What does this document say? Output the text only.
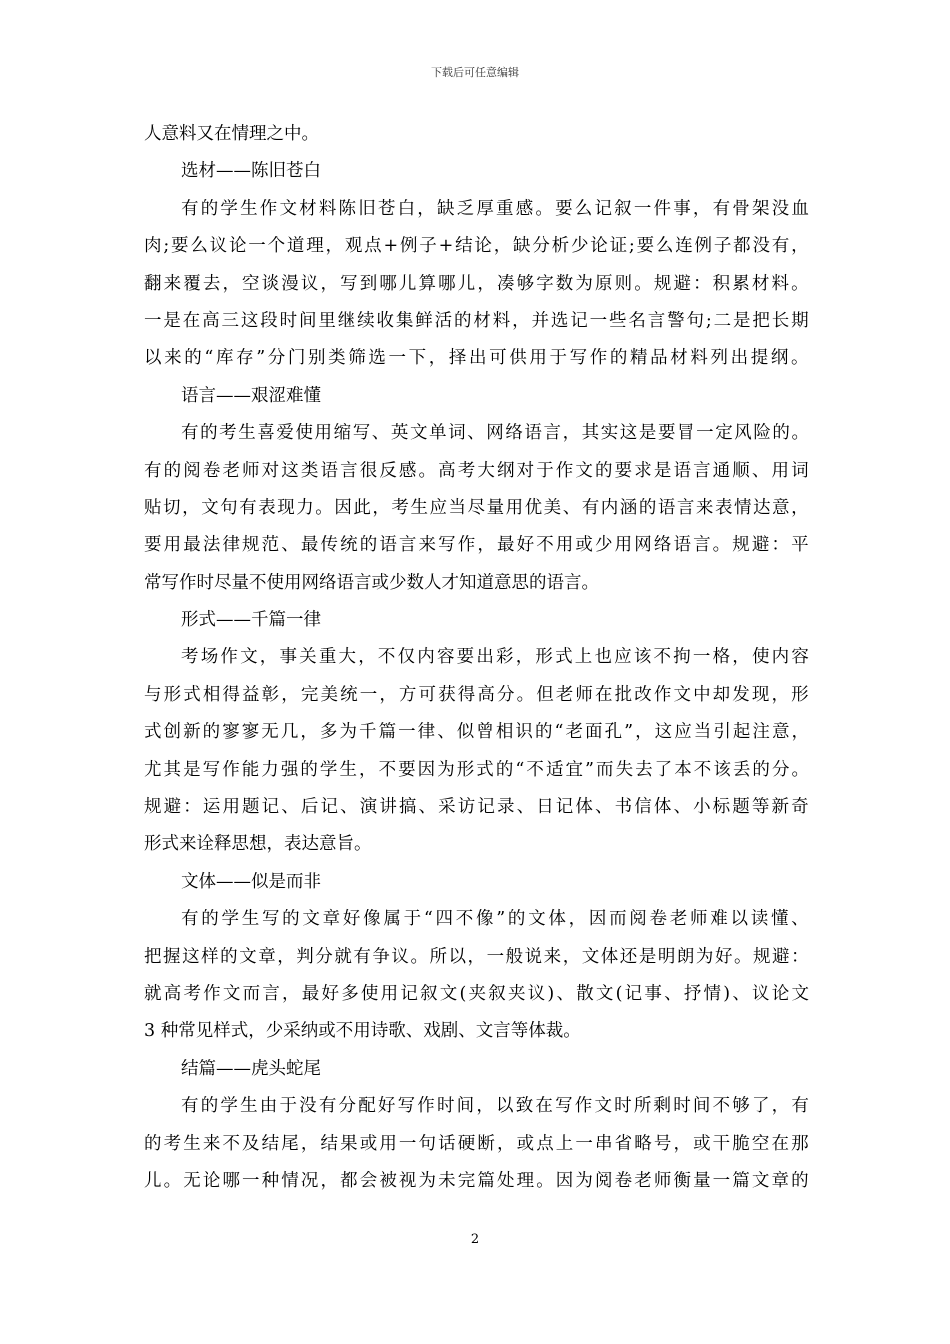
下载后可任意编辑
人意料又在情理之中。
选材——陈旧苍白
有 的 学 生 作 文 材 料 陈 旧 苍 白 ， 缺 乏 厚 重 感 。 要 么 记 叙 一 件 事 ， 有 骨 架 没 血
肉 ; 要 么 议 论 一 个 道 理 ， 观 点 + 例 子 + 结 论 ， 缺 分 析 少 论 证 ; 要 么 连 例 子 都 没 有 ，
翻 来 覆 去 ， 空 谈 漫 议 ， 写 到 哪 儿 算 哪 儿 ， 凑 够 字 数 为 原 则 。 规 避 ： 积 累 材 料 。
一 是 在 高 三 这 段 时 间 里 继 续 收 集 鲜 活 的 材 料 ， 并 选 记 一 些 名 言 警 句 ; 二 是 把 长 期
以 来 的 “ 库 存 ” 分 门 别 类 筛 选 一 下 ， 择 出 可 供 用 于 写 作 的 精 品 材 料 列 出 提 纲 。
语言——艰涩难懂
有 的 考 生 喜 爱 使 用 缩 写 、 英 文 单 词 、 网 络 语 言 ， 其 实 这 是 要 冒 一 定 风 险 的 。
有 的 阅 卷 老 师 对 这 类 语 言 很 反 感 。 高 考 大 纲 对 于 作 文 的 要 求 是 语 言 通 顺 、 用 词
贴 切 ， 文 句 有 表 现 力 。 因 此 ， 考 生 应 当 尽 量 用 优 美 、 有 内 涵 的 语 言 来 表 情 达 意 ，
要 用 最 法 律 规 范 、 最 传 统 的 语 言 来 写 作 ， 最 好 不 用 或 少 用 网 络 语 言 。 规 避 ： 平
常写作时尽量不使用网络语言或少数人才知道意思的语言。
形式——千篇一律
考 场 作 文 ， 事 关 重 大 ， 不 仅 内 容 要 出 彩 ， 形 式 上 也 应 该 不 拘 一 格 ， 使 内 容
与 形 式 相 得 益 彰 ， 完 美 统 一 ， 方 可 获 得 高 分 。 但 老 师 在 批 改 作 文 中 却 发 现 ， 形
式 创 新 的 寥 寥 无 几 ， 多 为 千 篇 一 律 、 似 曾 相 识 的 “ 老 面 孔 ” ， 这 应 当 引 起 注 意 ，
尤 其 是 写 作 能 力 强 的 学 生 ， 不 要 因 为 形 式 的 “ 不 适 宜 ” 而 失 去 了 本 不 该 丢 的 分 。
规 避 ： 运 用 题 记 、 后 记 、 演 讲 搞 、 采 访 记 录 、 日 记 体 、 书 信 体 、 小 标 题 等 新 奇
形式来诠释思想，表达意旨。
文体——似是而非
有 的 学 生 写 的 文 章 好 像 属 于 “ 四 不 像 ” 的 文 体 ， 因 而 阅 卷 老 师 难 以 读 懂 、
把 握 这 样 的 文 章 ， 判 分 就 有 争 议 。 所 以 ， 一 般 说 来 ， 文 体 还 是 明 朗 为 好 。 规 避 ：
就 高 考 作 文 而 言 ， 最 好 多 使 用 记 叙 文 ( 夹 叙 夹 议 ) 、 散 文 ( 记 事 、 抒 情 ) 、 议 论 文
3 种常见样式，少采纳或不用诗歌、戏剧、文言等体裁。
结篇——虎头蛇尾
有 的 学 生 由 于 没 有 分 配 好 写 作 时 间 ， 以 致 在 写 作 文 时 所 剩 时 间 不 够 了 ， 有
的 考 生 来 不 及 结 尾 ， 结 果 或 用 一 句 话 硬 断 ， 或 点 上 一 串 省 略 号 ， 或 干 脆 空 在 那
儿 。 无 论 哪 一 种 情 况 ， 都 会 被 视 为 未 完 篇 处 理 。 因 为 阅 卷 老 师 衡 量 一 篇 文 章 的
2
